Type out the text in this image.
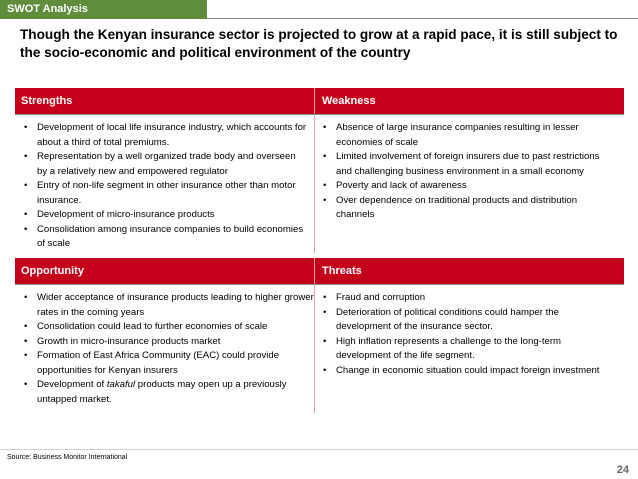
SWOT Analysis
Though the Kenyan insurance sector is projected to grow at a rapid pace, it is still subject to the socio-economic and political environment of the country
Strengths	Weakness
• Development of local life insurance industry, which accounts for about a third of total premiums.
• Representation by a well organized trade body and overseen by a relatively new and empowered regulator
• Entry of non-life segment in other insurance other than motor insurance.
• Development of micro-insurance products
• Consolidation among insurance companies to build economies of scale
• Absence of large insurance companies resulting in lesser economies of scale
• Limited involvement of foreign insurers due to past restrictions and challenging business environment in a small economy
• Poverty and lack of awareness
• Over dependence on traditional products and distribution channels
Opportunity	Threats
• Wider acceptance of insurance products leading to higher grower rates in the coming years
• Consolidation could lead to further economies of scale
• Growth in micro-insurance products market
• Formation of East Africa Community (EAC) could provide opportunities for Kenyan insurers
• Development of takaful products may open up a previously untapped market.
• Fraud and corruption
• Deterioration of political conditions could hamper the development of the insurance sector.
• High inflation represents a challenge to the long-term development of the life segment.
• Change in economic situation could impact foreign investment
Source: Business Monitor International
24
